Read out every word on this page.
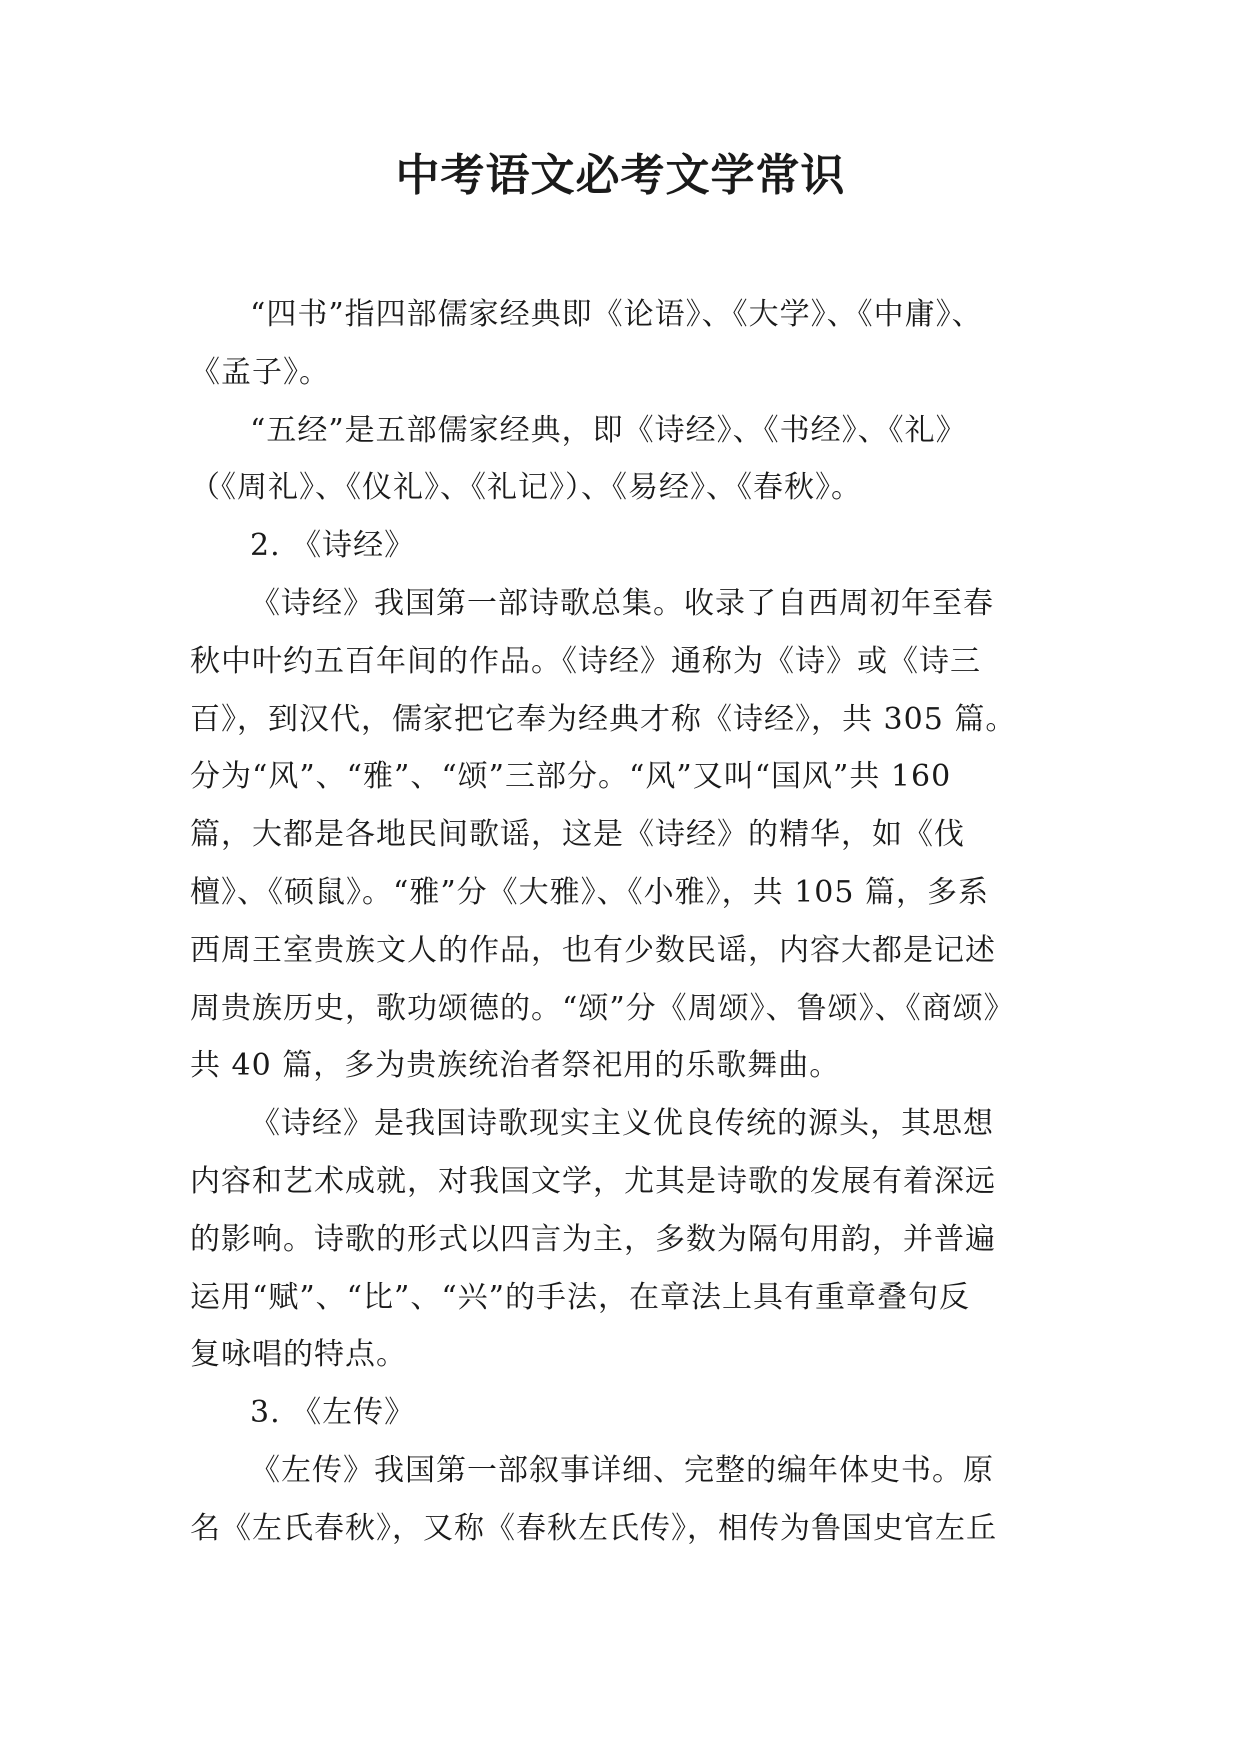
中考语文必考文学常识
“四书”指四部儒家经典即《论语》、《大学》、《中庸》、
《孟子》。
“五经”是五部儒家经典，即《诗经》、《书经》、《礼》
（《周礼》、《仪礼》、《礼记》）、《易经》、《春秋》。
2. 《诗经》
《诗经》我国第一部诗歌总集。收录了自西周初年至春
秋中叶约五百年间的作品。《诗经》通称为《诗》或《诗三
百》，到汉代，儒家把它奉为经典才称《诗经》，共 305 篇。
分为“风”、“雅”、“颂”三部分。“风”又叫“国风”共 160
篇，大都是各地民间歌谣，这是《诗经》的精华，如《伐
檀》、《硕鼠》。“雅”分《大雅》、《小雅》，共 105 篇，多系
西周王室贵族文人的作品，也有少数民谣，内容大都是记述
周贵族历史，歌功颂德的。“颂”分《周颂》、鲁颂》、《商颂》
共 40 篇，多为贵族统治者祭祀用的乐歌舞曲。
《诗经》是我国诗歌现实主义优良传统的源头，其思想
内容和艺术成就，对我国文学，尤其是诗歌的发展有着深远
的影响。诗歌的形式以四言为主，多数为隔句用韵，并普遍
运用“赋”、“比”、“兴”的手法，在章法上具有重章叠句反
复咏唱的特点。
3. 《左传》
《左传》我国第一部叙事详细、完整的编年体史书。原
名《左氏春秋》，又称《春秋左氏传》，相传为鲁国史官左丘
